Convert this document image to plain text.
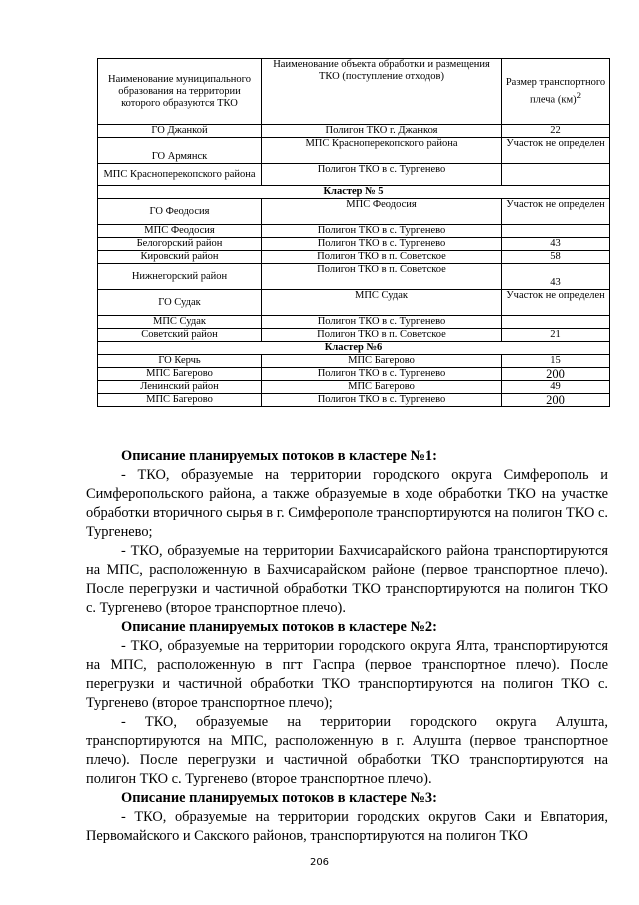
Наименование муниципального образования на территории которого образуются ТКО	Наименование объекта обработки и размещения ТКО (поступление отходов)	Размер транспортного плеча (км)$^2$
ГО Джанкой	Полигон ТКО г. Джанкоя	22
ГО Армянск	МПС Красноперекопского района	Участок не определен
МПС Красноперекопского района	Полигон ТКО в с. Тургенево	
Кластер № 5		
ГО Феодосия	МПС Феодосия	Участок не определен
МПС Феодосия	Полигон ТКО в с. Тургенево	
Белогорский район	Полигон ТКО в с. Тургенево	43
Кировский район	Полигон ТКО в п. Советское	58
Нижнегорский район	Полигон ТКО в п. Советское	43
ГО Судак	МПС Судак	Участок не определен
МПС Судак	Полигон ТКО в с. Тургенево	
Советский район	Полигон ТКО в п. Советское	21
Кластер №6		
ГО Керчь	МПС Багерово	15
МПС Багерово	Полигон ТКО в с. Тургенево	200
Ленинский район	МПС Багерово	49
МПС Багерово	Полигон ТКО в с. Тургенево	200

Описание планируемых потоков в кластере №1:

- ТКО, образуемые на территории городского округа Симферополь и Симферопольского района, а также образуемые в ходе обработки ТКО на участке обработки вторичного сырья в г. Симферополе транспортируются на полигон ТКО с. Тургенево;

- ТКО, образуемые на территории Бахчисарайского района транспортируются на МПС, расположенную в Бахчисарайском районе (первое транспортное плечо). После перегрузки и частичной обработки ТКО транспортируются на полигон ТКО с. Тургенево (второе транспортное плечо).

Описание планируемых потоков в кластере №2:

- ТКО, образуемые на территории городского округа Ялта, транспортируются на МПС, расположенную в пгт Гаспра (первое транспортное плечо). После перегрузки и частичной обработки ТКО транспортируются на полигон ТКО с. Тургенево (второе транспортное плечо);

- ТКО, образуемые на территории городского округа Алушта, транспортируются на МПС, расположенную в г. Алушта (первое транспортное плечо). После перегрузки и частичной обработки ТКО транспортируются на полигон ТКО с. Тургенево (второе транспортное плечо).

Описание планируемых потоков в кластере №3:

- ТКО, образуемые на территории городских округов Саки и Евпатория, Первомайского и Сакского районов, транспортируются на полигон ТКО

206
